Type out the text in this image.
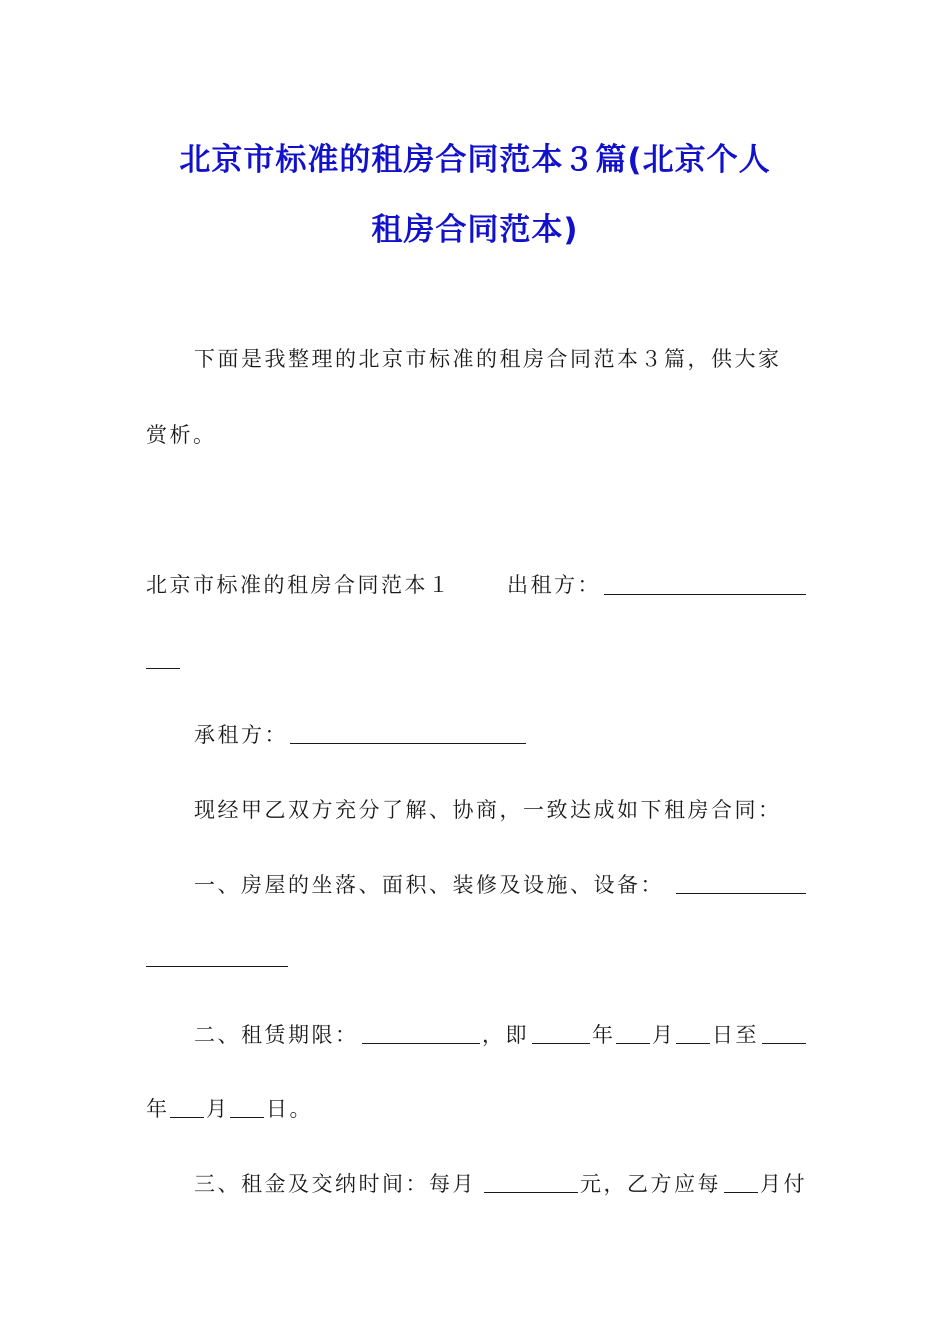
北京市标准的租房合同范本３篇(北京个人
租房合同范本)
下面是我整理的北京市标准的租房合同范本３篇，供大家
赏析。
北京市标准的租房合同范本１	出租方：
承租方：
现经甲乙双方充分了解、协商，一致达成如下租房合同：
一、房屋的坐落、面积、装修及设施、设备：
二、租赁期限：	，即	年 月 日至
年 月 日。
三、租金及交纳时间：每月	元，乙方应每 月付
